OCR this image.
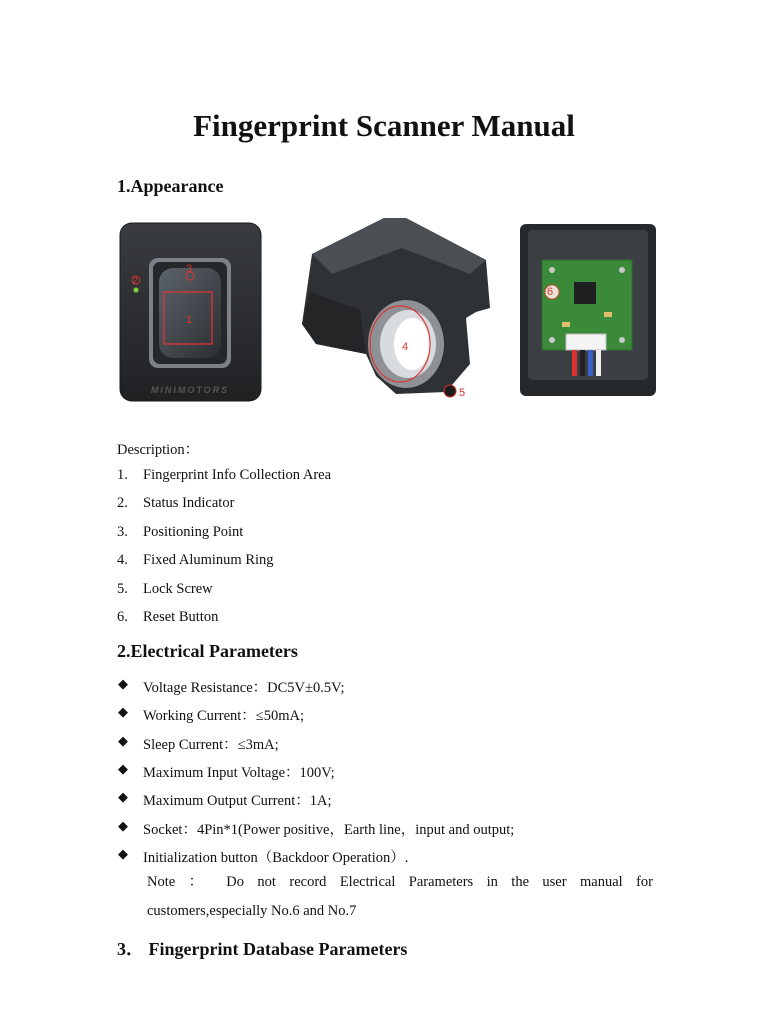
Fingerprint Scanner Manual
1.Appearance
1
2
3
MINIMOTORS
4
5
6
Description：
1. Fingerprint Info Collection Area
2. Status Indicator
3. Positioning Point
4. Fixed Aluminum Ring
5. Lock Screw
6. Reset Button
2.Electrical Parameters
◆ Voltage Resistance：DC5V±0.5V;
◆ Working Current：≤50mA;
◆ Sleep Current：≤3mA;
◆ Maximum Input Voltage：100V;
◆ Maximum Output Current：1A;
◆ Socket：4Pin*1(Power positive，Earth line，input and output;
◆ Initialization button（Backdoor Operation）.
Note ： Do not record Electrical Parameters in the user manual for
customers,especially No.6 and No.7
3． Fingerprint Database Parameters
